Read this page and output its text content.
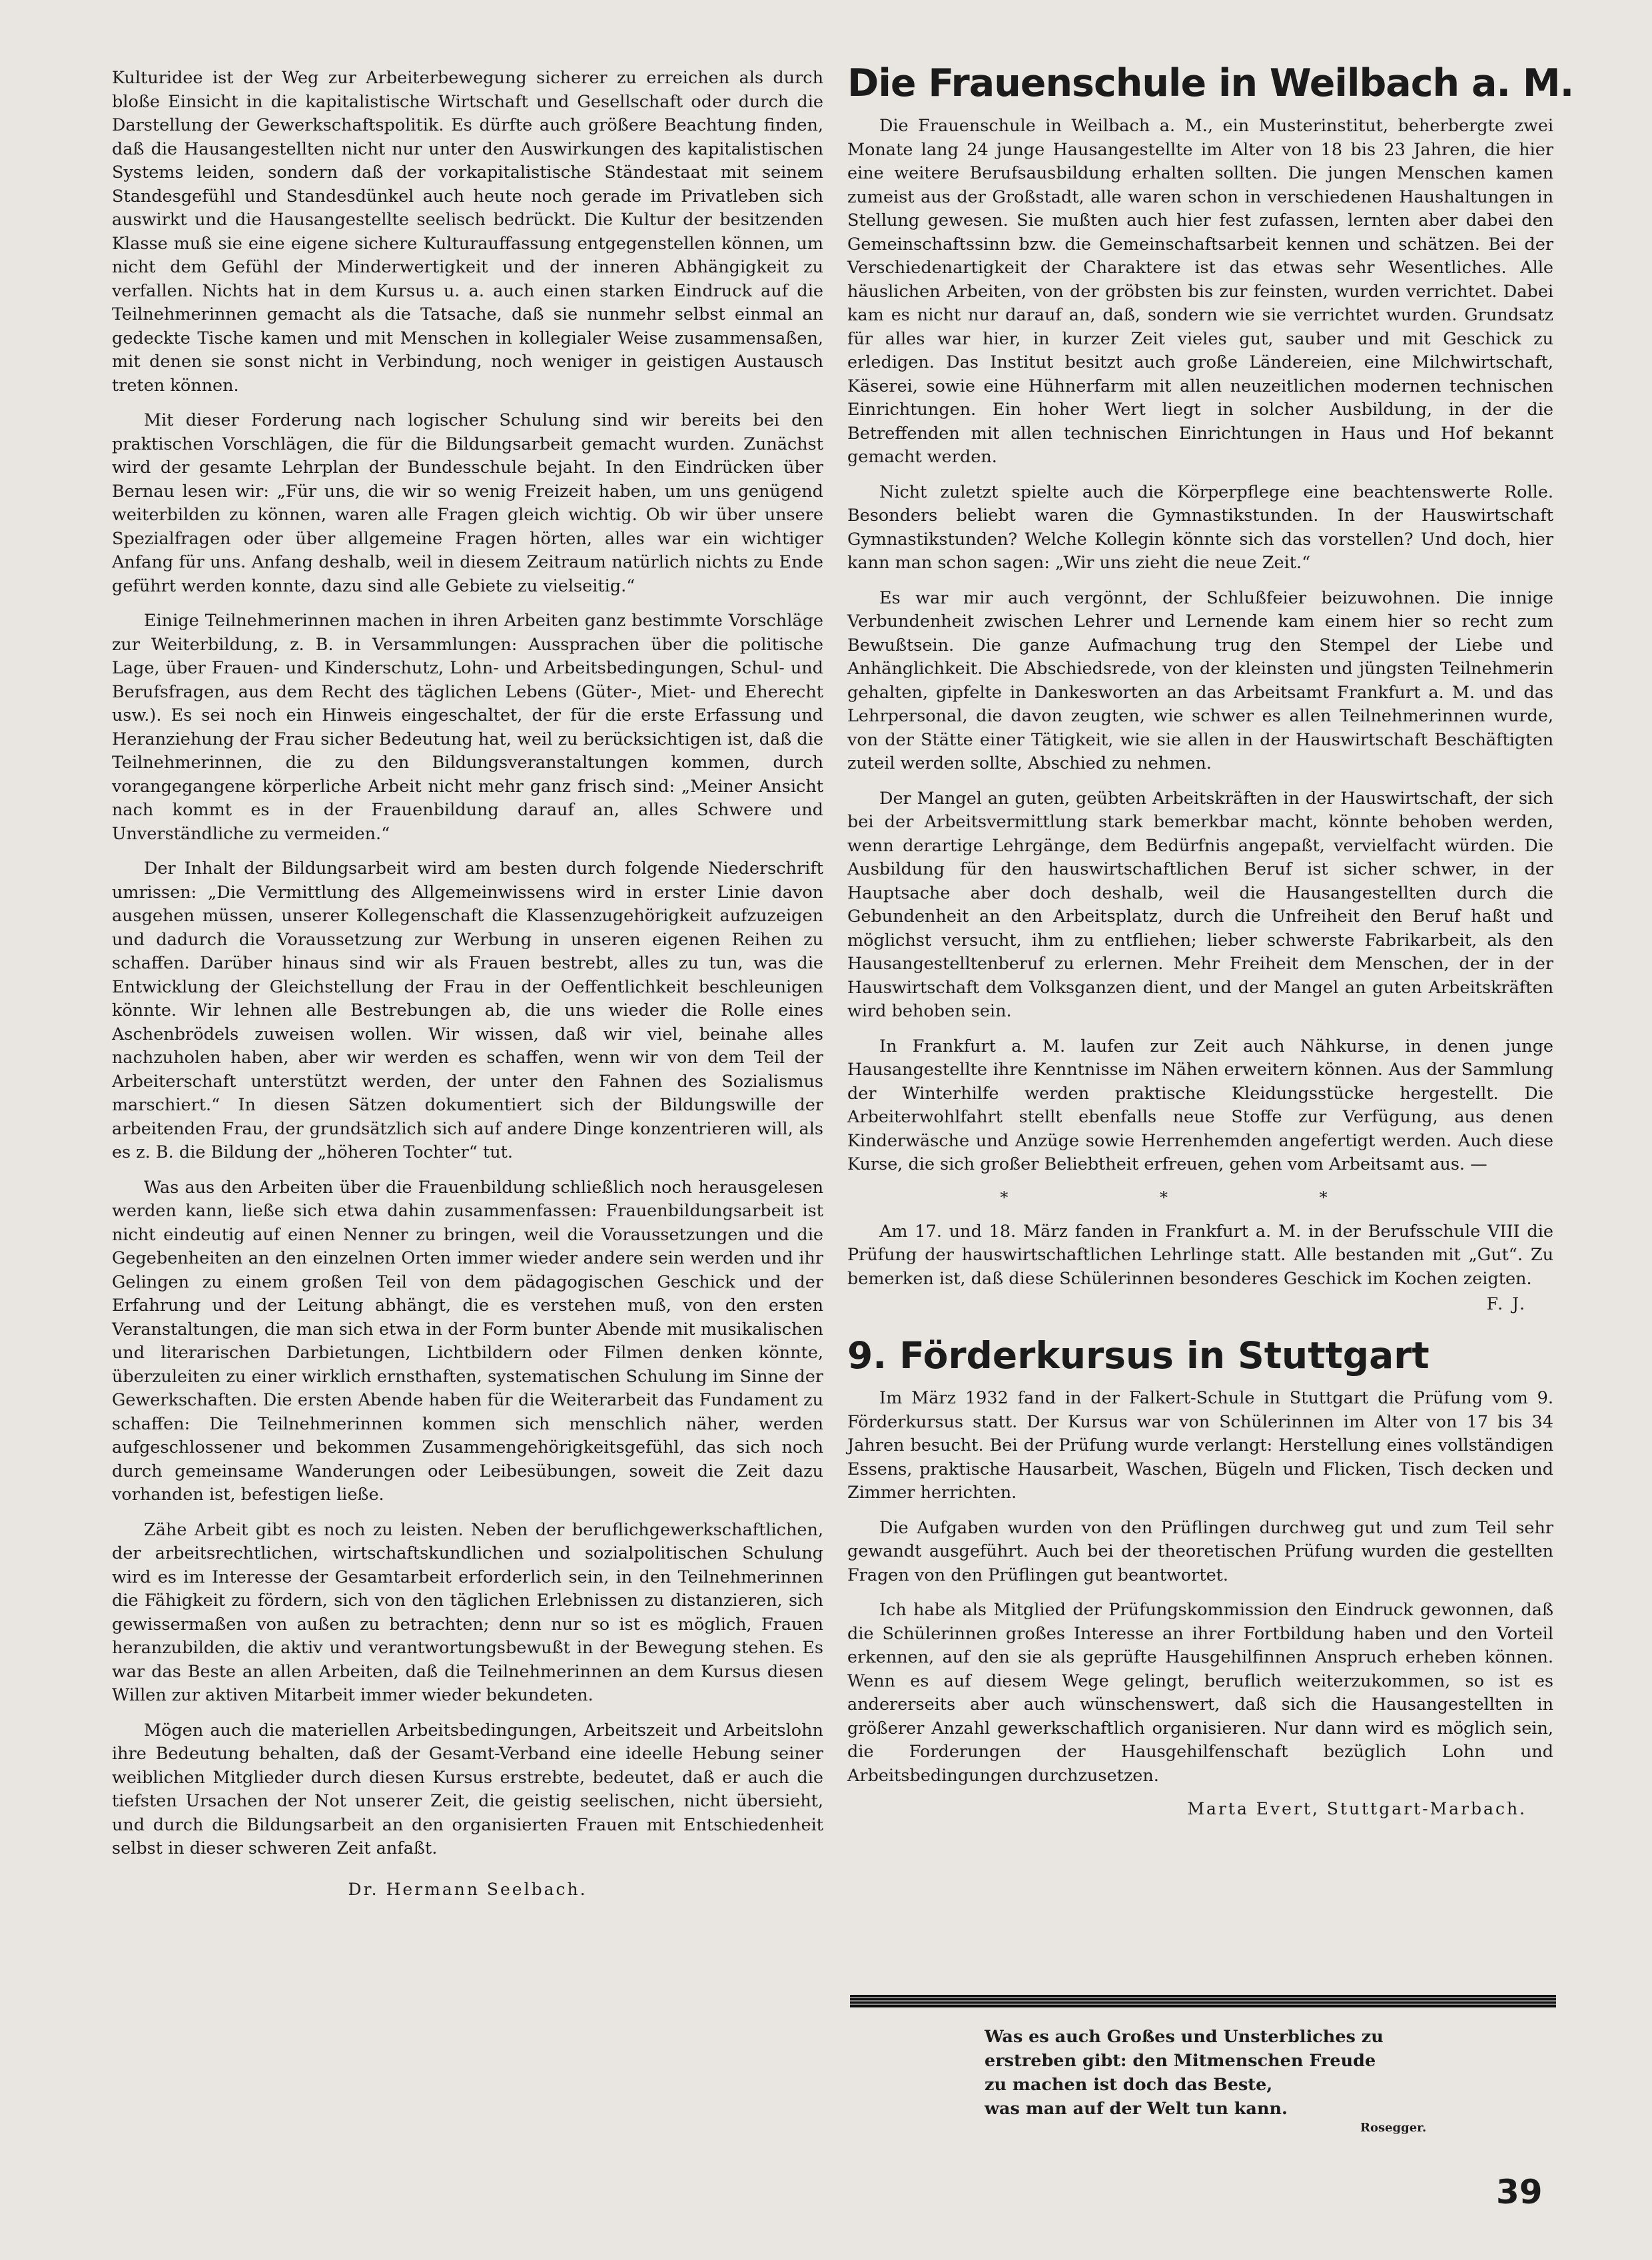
Kulturidee ist der Weg zur Arbeiterbewegung sicherer zu erreichen als durch bloße Einsicht in die kapitalistische Wirtschaft und Gesellschaft oder durch die Darstellung der Gewerkschaftspolitik. Es dürfte auch größere Beachtung finden, daß die Hausangestellten nicht nur unter den Auswirkungen des kapitalistischen Systems leiden, sondern daß der vorkapitalistische Ständestaat mit seinem Standesgefühl und Standesdünkel auch heute noch gerade im Privatleben sich auswirkt und die Hausangestellte seelisch bedrückt. Die Kultur der besitzenden Klasse muß sie eine eigene sichere Kulturauffassung entgegenstellen können, um nicht dem Gefühl der Minderwertigkeit und der inneren Abhängigkeit zu verfallen. Nichts hat in dem Kursus u. a. auch einen starken Eindruck auf die Teilnehmerinnen gemacht als die Tatsache, daß sie nunmehr selbst einmal an gedeckte Tische kamen und mit Menschen in kollegialer Weise zusammensaßen, mit denen sie sonst nicht in Verbindung, noch weniger in geistigen Austausch treten können.

Mit dieser Forderung nach logischer Schulung sind wir bereits bei den praktischen Vorschlägen, die für die Bildungsarbeit gemacht wurden. Zunächst wird der gesamte Lehrplan der Bundesschule bejaht. In den Eindrücken über Bernau lesen wir: „Für uns, die wir so wenig Freizeit haben, um uns genügend weiterbilden zu können, waren alle Fragen gleich wichtig. Ob wir über unsere Spezialfragen oder über allgemeine Fragen hörten, alles war ein wichtiger Anfang für uns. Anfang deshalb, weil in diesem Zeitraum natürlich nichts zu Ende geführt werden konnte, dazu sind alle Gebiete zu vielseitig.“

Einige Teilnehmerinnen machen in ihren Arbeiten ganz bestimmte Vorschläge zur Weiterbildung, z. B. in Versammlungen: Aussprachen über die politische Lage, über Frauen- und Kinderschutz, Lohn- und Arbeitsbedingungen, Schul- und Berufsfragen, aus dem Recht des täglichen Lebens (Güter-, Miet- und Eherecht usw.). Es sei noch ein Hinweis eingeschaltet, der für die erste Erfassung und Heranziehung der Frau sicher Bedeutung hat, weil zu berücksichtigen ist, daß die Teilnehmerinnen, die zu den Bildungsveranstaltungen kommen, durch vorangegangene körperliche Arbeit nicht mehr ganz frisch sind: „Meiner Ansicht nach kommt es in der Frauenbildung darauf an, alles Schwere und Unverständliche zu vermeiden.“

Der Inhalt der Bildungsarbeit wird am besten durch folgende Niederschrift umrissen: „Die Vermittlung des Allgemeinwissens wird in erster Linie davon ausgehen müssen, unserer Kollegenschaft die Klassenzugehörigkeit aufzuzeigen und dadurch die Voraussetzung zur Werbung in unseren eigenen Reihen zu schaffen. Darüber hinaus sind wir als Frauen bestrebt, alles zu tun, was die Entwicklung der Gleichstellung der Frau in der Oeffentlichkeit beschleunigen könnte. Wir lehnen alle Bestrebungen ab, die uns wieder die Rolle eines Aschenbrödels zuweisen wollen. Wir wissen, daß wir viel, beinahe alles nachzuholen haben, aber wir werden es schaffen, wenn wir von dem Teil der Arbeiterschaft unterstützt werden, der unter den Fahnen des Sozialismus marschiert.“ In diesen Sätzen dokumentiert sich der Bildungswille der arbeitenden Frau, der grundsätzlich sich auf andere Dinge konzentrieren will, als es z. B. die Bildung der „höheren Tochter“ tut.

Was aus den Arbeiten über die Frauenbildung schließlich noch herausgelesen werden kann, ließe sich etwa dahin zusammenfassen: Frauenbildungsarbeit ist nicht eindeutig auf einen Nenner zu bringen, weil die Voraussetzungen und die Gegebenheiten an den einzelnen Orten immer wieder andere sein werden und ihr Gelingen zu einem großen Teil von dem pädagogischen Geschick und der Erfahrung und der Leitung abhängt, die es verstehen muß, von den ersten Veranstaltungen, die man sich etwa in der Form bunter Abende mit musikalischen und literarischen Darbietungen, Lichtbildern oder Filmen denken könnte, überzuleiten zu einer wirklich ernsthaften, systematischen Schulung im Sinne der Gewerkschaften. Die ersten Abende haben für die Weiterarbeit das Fundament zu schaffen: Die Teilnehmerinnen kommen sich menschlich näher, werden aufgeschlossener und bekommen Zusammengehörigkeitsgefühl, das sich noch durch gemeinsame Wanderungen oder Leibesübungen, soweit die Zeit dazu vorhanden ist, befestigen ließe.

Zähe Arbeit gibt es noch zu leisten. Neben der beruflichgewerkschaftlichen, der arbeitsrechtlichen, wirtschaftskundlichen und sozialpolitischen Schulung wird es im Interesse der Gesamtarbeit erforderlich sein, in den Teilnehmerinnen die Fähigkeit zu fördern, sich von den täglichen Erlebnissen zu distanzieren, sich gewissermaßen von außen zu betrachten; denn nur so ist es möglich, Frauen heranzubilden, die aktiv und verantwortungsbewußt in der Bewegung stehen. Es war das Beste an allen Arbeiten, daß die Teilnehmerinnen an dem Kursus diesen Willen zur aktiven Mitarbeit immer wieder bekundeten.

Mögen auch die materiellen Arbeitsbedingungen, Arbeitszeit und Arbeitslohn ihre Bedeutung behalten, daß der Gesamt-Verband eine ideelle Hebung seiner weiblichen Mitglieder durch diesen Kursus erstrebte, bedeutet, daß er auch die tiefsten Ursachen der Not unserer Zeit, die geistig seelischen, nicht übersieht, und durch die Bildungsarbeit an den organisierten Frauen mit Entschiedenheit selbst in dieser schweren Zeit anfaßt.

Dr. Hermann Seelbach.
Die Frauenschule in Weilbach a. M.

Die Frauenschule in Weilbach a. M., ein Musterinstitut, beherbergte zwei Monate lang 24 junge Hausangestellte im Alter von 18 bis 23 Jahren, die hier eine weitere Berufsausbildung erhalten sollten. Die jungen Menschen kamen zumeist aus der Großstadt, alle waren schon in verschiedenen Haushaltungen in Stellung gewesen. Sie mußten auch hier fest zufassen, lernten aber dabei den Gemeinschaftssinn bzw. die Gemeinschaftsarbeit kennen und schätzen. Bei der Verschiedenartigkeit der Charaktere ist das etwas sehr Wesentliches. Alle häuslichen Arbeiten, von der gröbsten bis zur feinsten, wurden verrichtet. Dabei kam es nicht nur darauf an, daß, sondern wie sie verrichtet wurden. Grundsatz für alles war hier, in kurzer Zeit vieles gut, sauber und mit Geschick zu erledigen. Das Institut besitzt auch große Ländereien, eine Milchwirtschaft, Käserei, sowie eine Hühnerfarm mit allen neuzeitlichen modernen technischen Einrichtungen. Ein hoher Wert liegt in solcher Ausbildung, in der die Betreffenden mit allen technischen Einrichtungen in Haus und Hof bekannt gemacht werden.

Nicht zuletzt spielte auch die Körperpflege eine beachtenswerte Rolle. Besonders beliebt waren die Gymnastikstunden. In der Hauswirtschaft Gymnastikstunden? Welche Kollegin könnte sich das vorstellen? Und doch, hier kann man schon sagen: „Wir uns zieht die neue Zeit.“

Es war mir auch vergönnt, der Schlußfeier beizuwohnen. Die innige Verbundenheit zwischen Lehrer und Lernende kam einem hier so recht zum Bewußtsein. Die ganze Aufmachung trug den Stempel der Liebe und Anhänglichkeit. Die Abschiedsrede, von der kleinsten und jüngsten Teilnehmerin gehalten, gipfelte in Dankesworten an das Arbeitsamt Frankfurt a. M. und das Lehrpersonal, die davon zeugten, wie schwer es allen Teilnehmerinnen wurde, von der Stätte einer Tätigkeit, wie sie allen in der Hauswirtschaft Beschäftigten zuteil werden sollte, Abschied zu nehmen.

Der Mangel an guten, geübten Arbeitskräften in der Hauswirtschaft, der sich bei der Arbeitsvermittlung stark bemerkbar macht, könnte behoben werden, wenn derartige Lehrgänge, dem Bedürfnis angepaßt, vervielfacht würden. Die Ausbildung für den hauswirtschaftlichen Beruf ist sicher schwer, in der Hauptsache aber doch deshalb, weil die Hausangestellten durch die Gebundenheit an den Arbeitsplatz, durch die Unfreiheit den Beruf haßt und möglichst versucht, ihm zu entfliehen; lieber schwerste Fabrikarbeit, als den Hausangestelltenberuf zu erlernen. Mehr Freiheit dem Menschen, der in der Hauswirtschaft dem Volksganzen dient, und der Mangel an guten Arbeitskräften wird behoben sein.

In Frankfurt a. M. laufen zur Zeit auch Nähkurse, in denen junge Hausangestellte ihre Kenntnisse im Nähen erweitern können. Aus der Sammlung der Winterhilfe werden praktische Kleidungsstücke hergestellt. Die Arbeiterwohlfahrt stellt ebenfalls neue Stoffe zur Verfügung, aus denen Kinderwäsche und Anzüge sowie Herrenhemden angefertigt werden. Auch diese Kurse, die sich großer Beliebtheit erfreuen, gehen vom Arbeitsamt aus. —

* * *

Am 17. und 18. März fanden in Frankfurt a. M. in der Berufsschule VIII die Prüfung der hauswirtschaftlichen Lehrlinge statt. Alle bestanden mit „Gut“. Zu bemerken ist, daß diese Schülerinnen besonderes Geschick im Kochen zeigten.

F. J.
9. Förderkursus in Stuttgart

Im März 1932 fand in der Falkert-Schule in Stuttgart die Prüfung vom 9. Förderkursus statt. Der Kursus war von Schülerinnen im Alter von 17 bis 34 Jahren besucht. Bei der Prüfung wurde verlangt: Herstellung eines vollständigen Essens, praktische Hausarbeit, Waschen, Bügeln und Flicken, Tisch decken und Zimmer herrichten.

Die Aufgaben wurden von den Prüflingen durchweg gut und zum Teil sehr gewandt ausgeführt. Auch bei der theoretischen Prüfung wurden die gestellten Fragen von den Prüflingen gut beantwortet.

Ich habe als Mitglied der Prüfungskommission den Eindruck gewonnen, daß die Schülerinnen großes Interesse an ihrer Fortbildung haben und den Vorteil erkennen, auf den sie als geprüfte Hausgehilfinnen Anspruch erheben können. Wenn es auf diesem Wege gelingt, beruflich weiterzukommen, so ist es andererseits aber auch wünschenswert, daß sich die Hausangestellten in größerer Anzahl gewerkschaftlich organisieren. Nur dann wird es möglich sein, die Forderungen der Hausgehilfenschaft bezüglich Lohn und Arbeitsbedingungen durchzusetzen.

Marta Evert, Stuttgart-Marbach.
Was es auch Großes und Unsterbliches zu
erstreben gibt: den Mitmenschen Freude
zu machen ist doch das Beste,
was man auf der Welt tun kann.
Rosegger.
39
